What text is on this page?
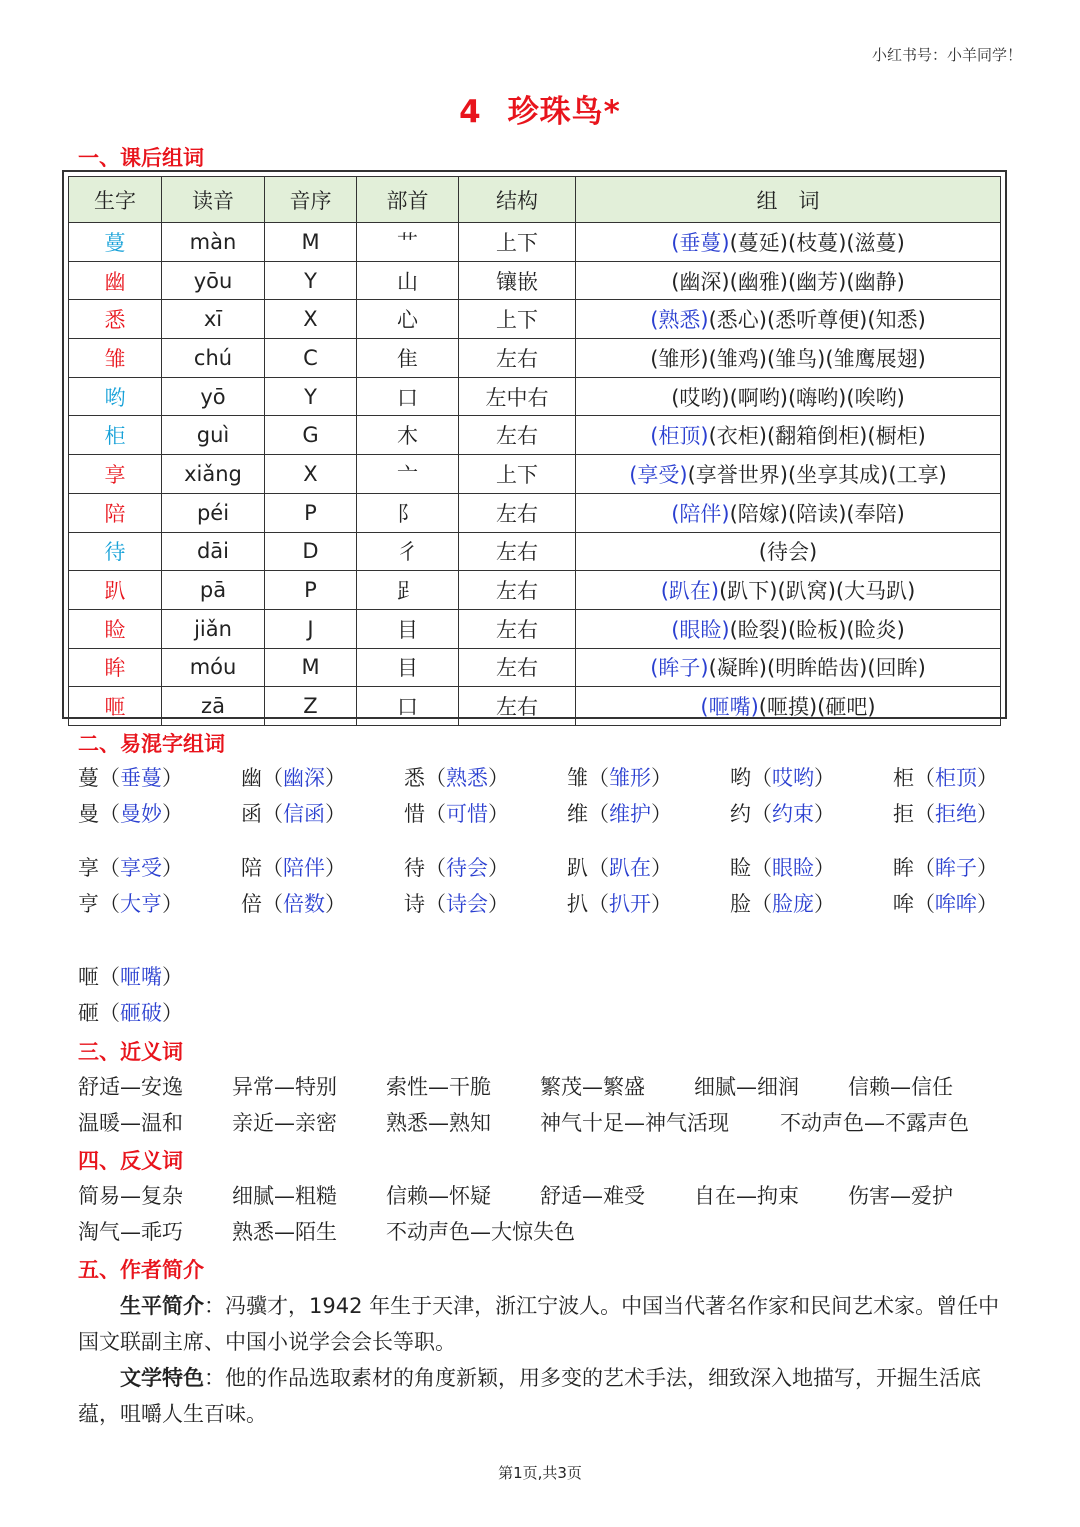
小红书号：小羊同学！
4 珍珠鸟*
一、课后组词
生字	读音	音序	部首	结构	组　词
蔓	màn	M	艹	上下	(垂蔓)(蔓延)(枝蔓)(滋蔓)
幽	yōu	Y	山	镶嵌	(幽深)(幽雅)(幽芳)(幽静)
悉	xī	X	心	上下	(熟悉)(悉心)(悉听尊便)(知悉)
雏	chú	C	隹	左右	(雏形)(雏鸡)(雏鸟)(雏鹰展翅)
哟	yō	Y	口	左中右	(哎哟)(啊哟)(嗨哟)(唉哟)
柜	guì	G	木	左右	(柜顶)(衣柜)(翻箱倒柜)(橱柜)
享	xiǎng	X	亠	上下	(享受)(享誉世界)(坐享其成)(工享)
陪	péi	P	阝	左右	(陪伴)(陪嫁)(陪读)(奉陪)
待	dāi	D	彳	左右	(待会)
趴	pā	P	𧾷	左右	(趴在)(趴下)(趴窝)(大马趴)
睑	jiǎn	J	目	左右	(眼睑)(睑裂)(睑板)(睑炎)
眸	móu	M	目	左右	(眸子)(凝眸)(明眸皓齿)(回眸)
咂	zā	Z	口	左右	(咂嘴)(咂摸)(砸吧)
二、易混字组词
蔓（垂蔓）	幽（幽深）	悉（熟悉）	雏（雏形）	哟（哎哟）	柜（柜顶）
曼（曼妙）	函（信函）	惜（可惜）	维（维护）	约（约束）	拒（拒绝）
享（享受）	陪（陪伴）	待（待会）	趴（趴在）	睑（眼睑）	眸（眸子）
亨（大亨）	倍（倍数）	诗（诗会）	扒（扒开）	脸（脸庞）	哞（哞哞）
咂（咂嘴）
砸（砸破）
三、近义词
舒适—安逸 异常—特别 索性—干脆 繁茂—繁盛 细腻—细润 信赖—信任
温暖—温和 亲近—亲密 熟悉—熟知 神气十足—神气活现 不动声色—不露声色
四、反义词
简易—复杂 细腻—粗糙 信赖—怀疑 舒适—难受 自在—拘束 伤害—爱护
淘气—乖巧 熟悉—陌生 不动声色—大惊失色
五、作者简介
生平简介：冯骥才，1942 年生于天津，浙江宁波人。中国当代著名作家和民间艺术家。曾任中国文联副主席、中国小说学会会长等职。
文学特色：他的作品选取素材的角度新颖，用多变的艺术手法，细致深入地描写，开掘生活底蕴，咀嚼人生百味。
第1页,共3页
